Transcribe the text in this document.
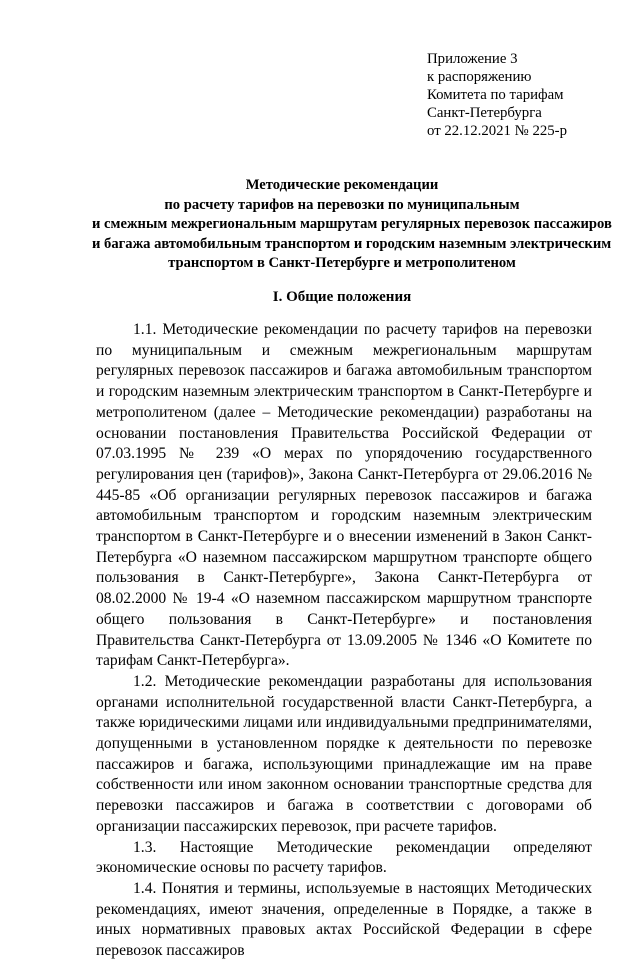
Приложение 3
к распоряжению
Комитета по тарифам
Санкт-Петербурга
от 22.12.2021 № 225-р
Методические рекомендации
по расчету тарифов на перевозки по муниципальным
и смежным межрегиональным маршрутам регулярных перевозок пассажиров
и багажа автомобильным транспортом и городским наземным электрическим
транспортом в Санкт-Петербурге и метрополитеном
I. Общие положения

1.1. Методические рекомендации по расчету тарифов на перевозки по муниципальным и смежным межрегиональным маршрутам регулярных перевозок пассажиров и багажа автомобильным транспортом и городским наземным электрическим транспортом в Санкт-Петербурге и метрополитеном (далее – Методические рекомендации) разработаны на основании постановления Правительства Российской Федерации от 07.03.1995 № 239 «О мерах по упорядочению государственного регулирования цен (тарифов)», Закона Санкт-Петербурга от 29.06.2016 № 445-85 «Об организации регулярных перевозок пассажиров и багажа автомобильным транспортом и городским наземным электрическим транспортом в Санкт-Петербурге и о внесении изменений в Закон Санкт-Петербурга «О наземном пассажирском маршрутном транспорте общего пользования в Санкт-Петербурге», Закона Санкт-Петербурга от 08.02.2000 № 19-4 «О наземном пассажирском маршрутном транспорте общего пользования в Санкт-Петербурге» и постановления Правительства Санкт-Петербурга от 13.09.2005 № 1346 «О Комитете по тарифам Санкт-Петербурга».

1.2. Методические рекомендации разработаны для использования органами исполнительной государственной власти Санкт-Петербурга, а также юридическими лицами или индивидуальными предпринимателями, допущенными в установленном порядке к деятельности по перевозке пассажиров и багажа, использующими принадлежащие им на праве собственности или ином законном основании транспортные средства для перевозки пассажиров и багажа в соответствии с договорами об организации пассажирских перевозок, при расчете тарифов.

1.3. Настоящие Методические рекомендации определяют экономические основы по расчету тарифов.

1.4. Понятия и термины, используемые в настоящих Методических рекомендациях, имеют значения, определенные в Порядке, а также в иных нормативных правовых актах Российской Федерации в сфере перевозок пассажиров
